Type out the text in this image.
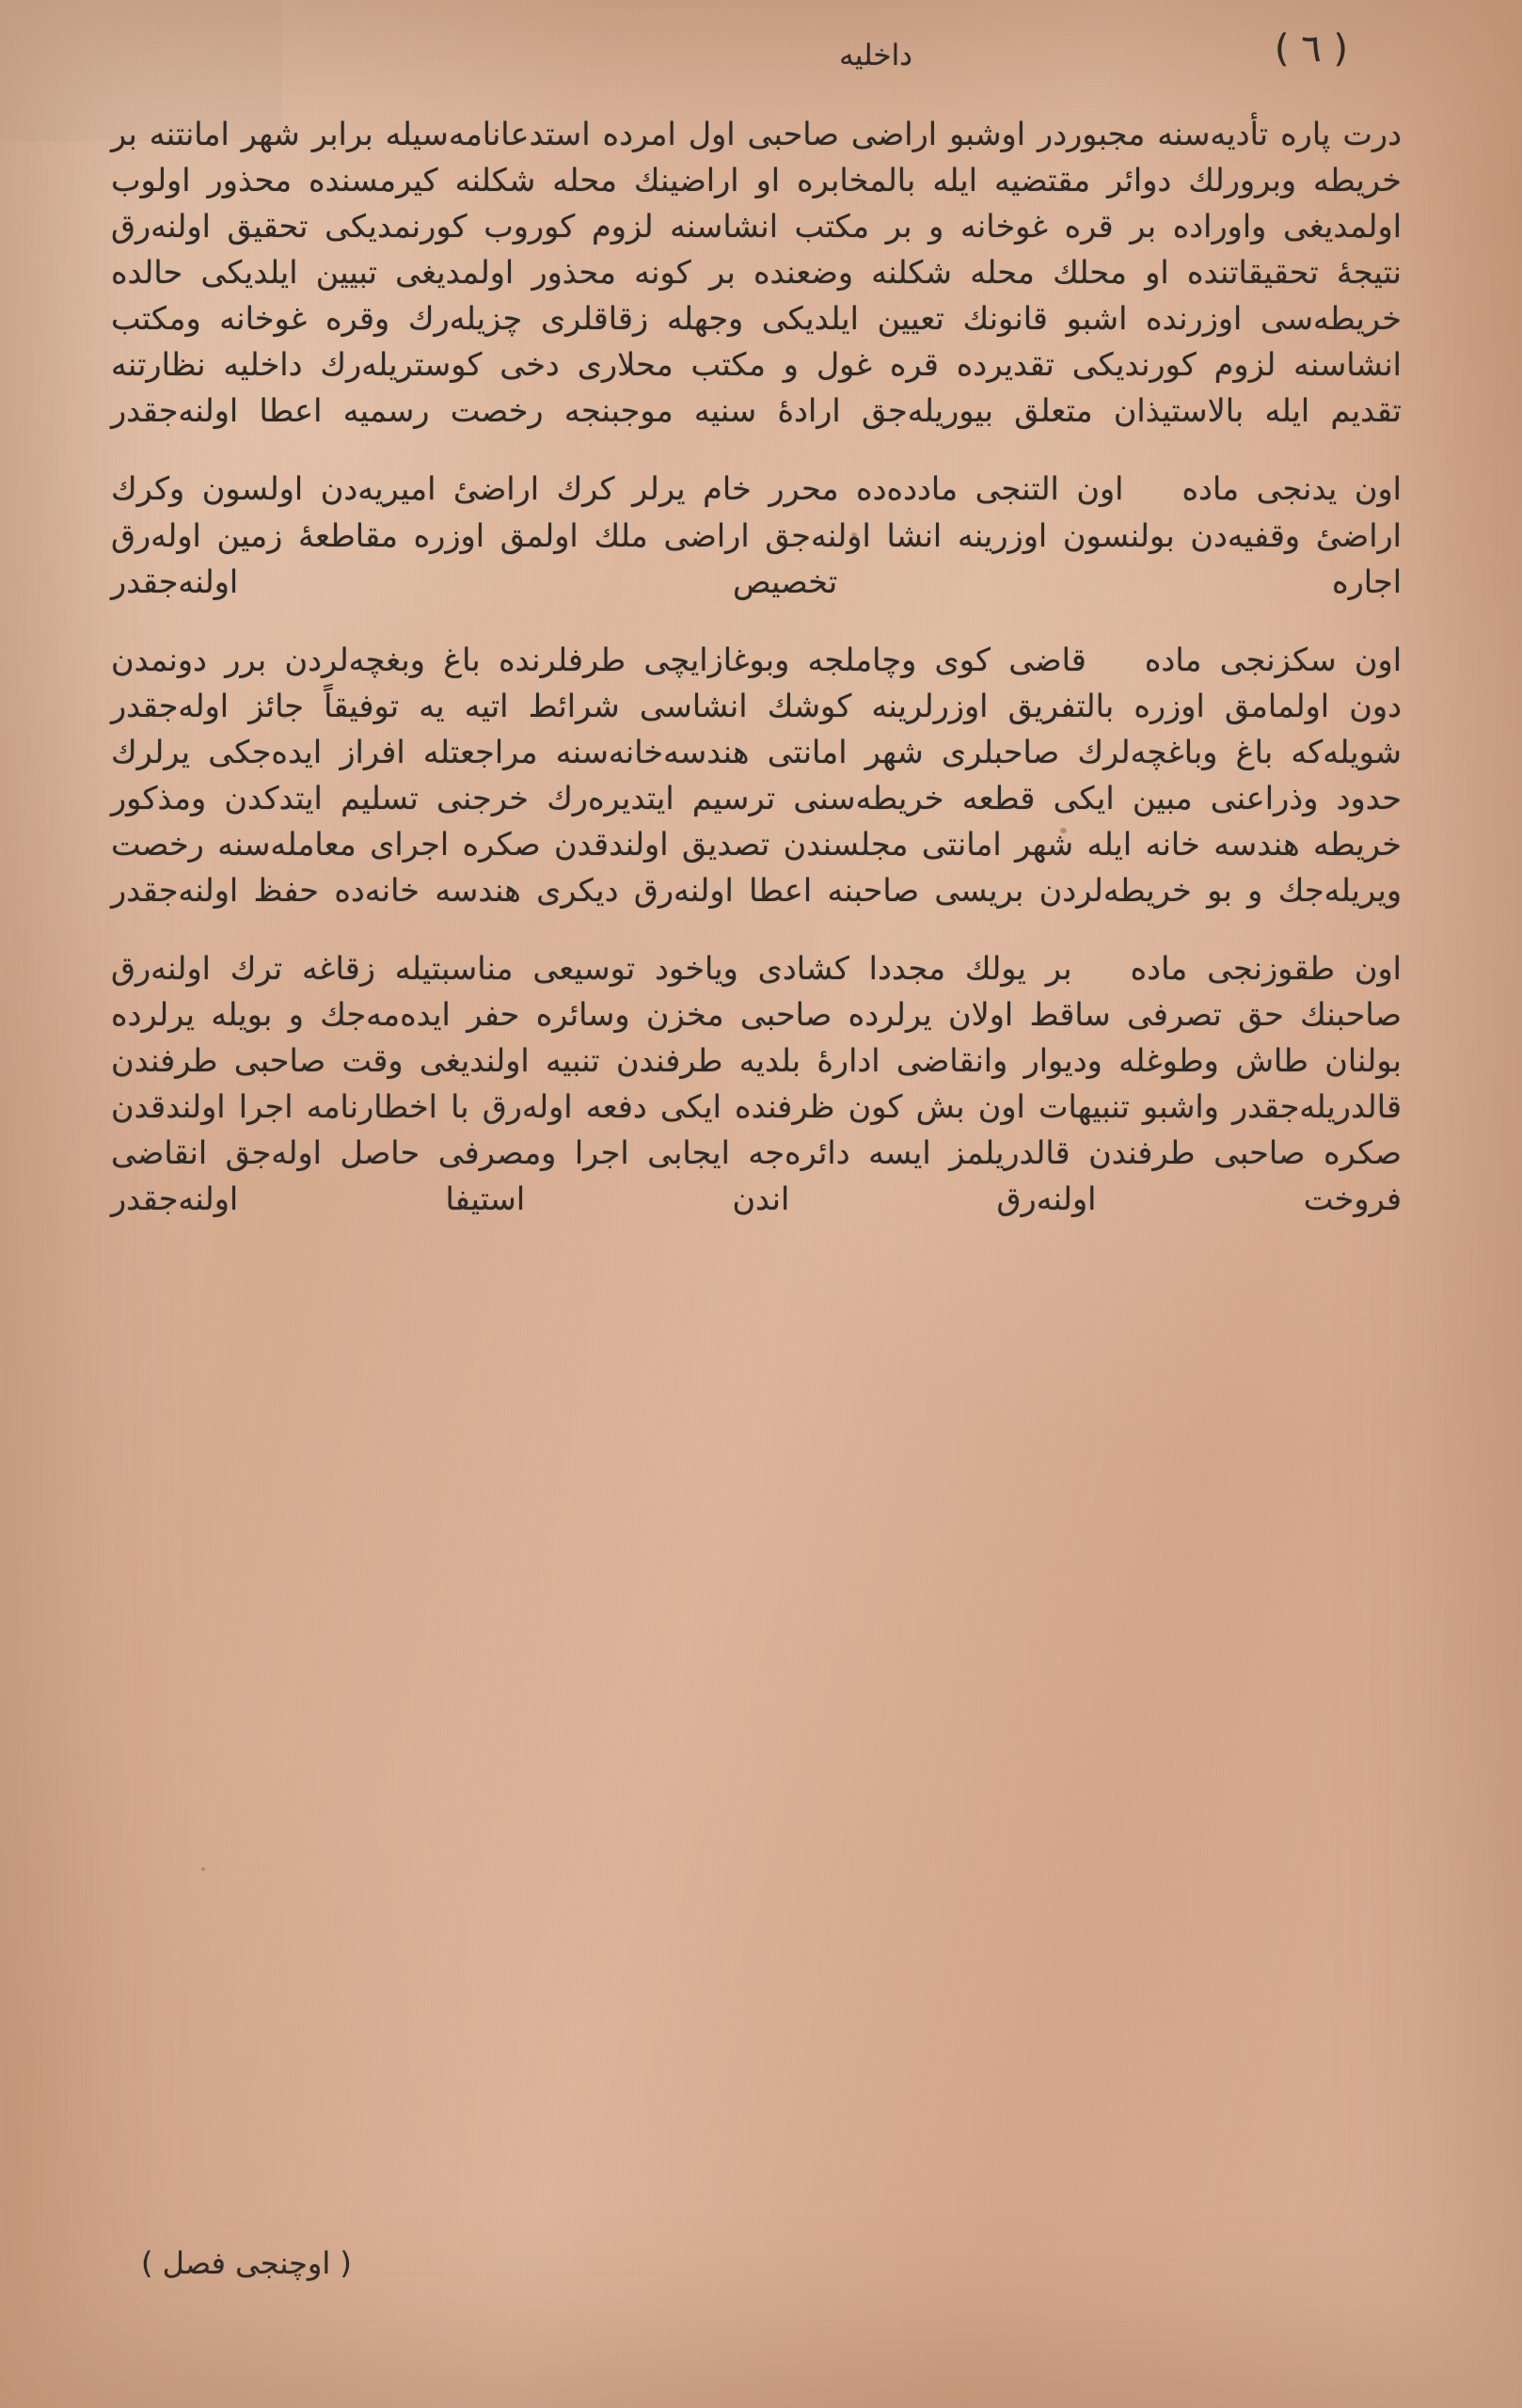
( ٦ )
داخليه

درت پاره تأديه‌سنه مجبوردر اوشبو اراضى صاحبى اول امرده استدعانامه‌سيله برابر شهر امانتنه بر خريطه وبرورلك دوائر مقتضيه ايله بالمخابره او اراضينك محله شكلنه كيرمسنده محذور اولوب اولمديغى واوراده بر قره غوخانه و بر مكتب انشاسنه لزوم كوروب كورنمديكى تحقيق اولنه‌رق نتيجهٔ تحقيقاتنده او محلك محله شكلنه وضعنده بر كونه محذور اولمديغى تبيين ايلديكى حالده خريطه‌سى اوزرنده اشبو قانونك تعيين ايلديكى وجهله زقاقلرى چزيله‌رك وقره غوخانه ومكتب انشاسنه لزوم كورنديكى تقديرده قره غول و مكتب محلارى دخى كوستريله‌رك داخليه نظارتنه تقديم ايله بالاستيذان متعلق بيوريله‌جق ارادهٔ سنيه موجبنجه رخصت رسميه اعطا اولنه‌جقدر

اون يدنجى مادهاون التنجى مادده‌ده محرر خام يرلر كرك اراضىٔ اميريه‌دن اولسون وكرك اراضىٔ وقفيه‌دن بولنسون اوزرينه انشا اولنه‌جق اراضى ملك اولمق اوزره مقاطعهٔ زمين اوله‌رق اجاره تخصيص اولنه‌جقدر

اون سكزنجى مادهقاضى كوى وچاملجه وبوغازايچى طرفلرنده باغ وبغچه‌لردن برر دونمدن دون اولمامق اوزره بالتفريق اوزرلرينه كوشك انشاسى شرائط اتيه يه توفيقاً جائز اوله‌جقدر شويله‌كه باغ وباغچه‌لرك صاحبلرى شهر امانتى هندسه‌خانه‌سنه مراجعتله افراز ايده‌جكى يرلرك حدود وذراعنى مبين ايكى قطعه خريطه‌سنى ترسيم ايتديره‌رك خرجنى تسليم ايتدكدن ومذكور خريطه هندسه خانه ايله شهر امانتى مجلسندن تصديق اولندقدن صكره اجراى معامله‌سنه رخصت ويريله‌جك و بو خريطه‌لردن بريسى صاحبنه اعطا اولنه‌رق ديكرى هندسه خانه‌ده حفظ اولنه‌جقدر

اون طقوزنجى مادهبر يولك مجددا كشادى وياخود توسيعى مناسبتيله زقاغه ترك اولنه‌رق صاحبنك حق تصرفى ساقط اولان يرلرده صاحبى مخزن وسائره حفر ايده‌مه‌جك و بويله يرلرده بولنان طاش وطوغله وديوار وانقاضى ادارهٔ بلديه طرفندن تنبيه اولنديغى وقت صاحبى طرفندن قالدريله‌جقدر واشبو تنبيهات اون بش كون ظرفنده ايكى دفعه اوله‌رق با اخطارنامه اجرا اولندقدن صكره صاحبى طرفندن قالدريلمز ايسه دائره‌جه ايجابى اجرا ومصرفى حاصل اوله‌جق انقاضى فروخت اولنه‌رق اندن استيفا اولنه‌جقدر

( اوچنجى فصل )
